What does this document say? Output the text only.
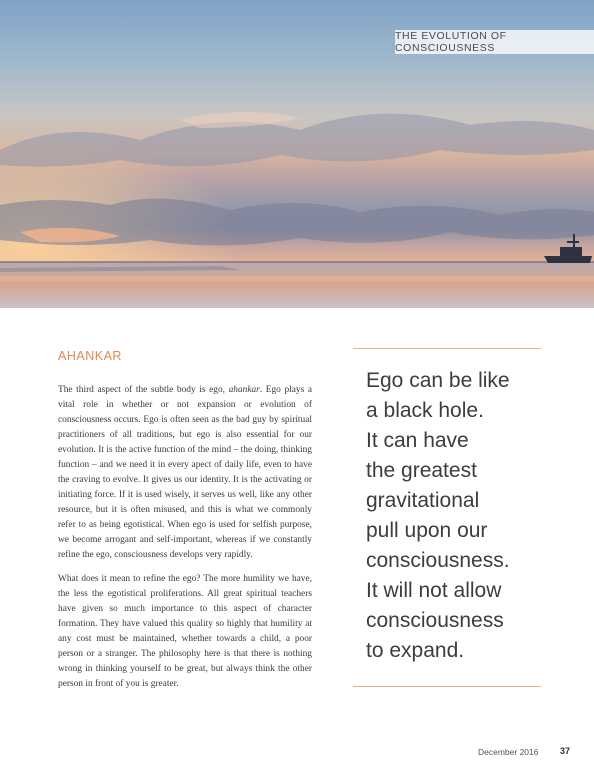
THE EVOLUTION OF CONSCIOUSNESS
AHANKAR

The third aspect of the subtle body is ego, ahankar. Ego plays a vital role in whether or not expansion or evolution of consciousness occurs. Ego is often seen as the bad guy by spiritual practitioners of all traditions, but ego is also essential for our evolution. It is the active function of the mind – the doing, thinking function – and we need it in every apect of daily life, even to have the craving to evolve. It gives us our identity. It is the activating or initiating force. If it is used wisely, it serves us well, like any other resource, but it is often misused, and this is what we commonly refer to as being egotistical. When ego is used for selfish purpose, we become arrogant and self-important, whereas if we constantly refine the ego, consciousness develops very rapidly.

What does it mean to refine the ego? The more humility we have, the less the egotistical proliferations. All great spiritual teachers have given so much importance to this aspect of character formation. They have valued this quality so highly that humility at any cost must be maintained, whether towards a child, a poor person or a stranger. The philosophy here is that there is nothing wrong in thinking yourself to be great, but always think the other person in front of you is greater.

Ego can be like
a black hole.
It can have
the greatest
gravitational
pull upon our
consciousness.
It will not allow
consciousness
to expand.
December 2016 37
